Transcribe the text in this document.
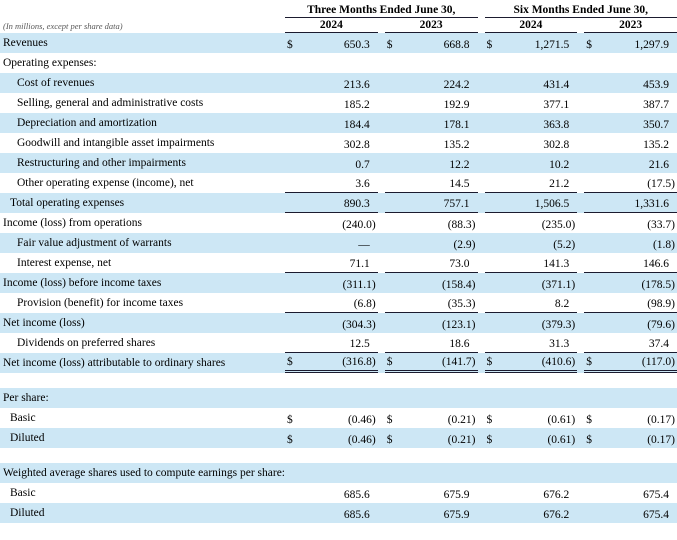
Three Months Ended June 30,	Six Months Ended June 30,
(In millions, except per share data)	2024	2023	2024	2023
Revenues	$	650.3	$	668.8	$	1,271.5	$	1,297.9
Operating expenses:
Cost of revenues	213.6	224.2	431.4	453.9
Selling, general and administrative costs	185.2	192.9	377.1	387.7
Depreciation and amortization	184.4	178.1	363.8	350.7
Goodwill and intangible asset impairments	302.8	135.2	302.8	135.2
Restructuring and other impairments	0.7	12.2	10.2	21.6
Other operating expense (income), net	3.6	14.5	21.2	(17.5)
Total operating expenses	890.3	757.1	1,506.5	1,331.6
Income (loss) from operations	(240.0)	(88.3)	(235.0)	(33.7)
Fair value adjustment of warrants	—	(2.9)	(5.2)	(1.8)
Interest expense, net	71.1	73.0	141.3	146.6
Income (loss) before income taxes	(311.1)	(158.4)	(371.1)	(178.5)
Provision (benefit) for income taxes	(6.8)	(35.3)	8.2	(98.9)
Net income (loss)	(304.3)	(123.1)	(379.3)	(79.6)
Dividends on preferred shares	12.5	18.6	31.3	37.4
Net income (loss) attributable to ordinary shares	$	(316.8) $	(141.7) $	(410.6) $	(117.0)
Per share:
Basic	$	(0.46) $	(0.21) $	(0.61) $	(0.17)
Diluted	$	(0.46) $	(0.21) $	(0.61) $	(0.17)
Weighted average shares used to compute earnings per share:
Basic	685.6	675.9	676.2	675.4
Diluted	685.6	675.9	676.2	675.4
